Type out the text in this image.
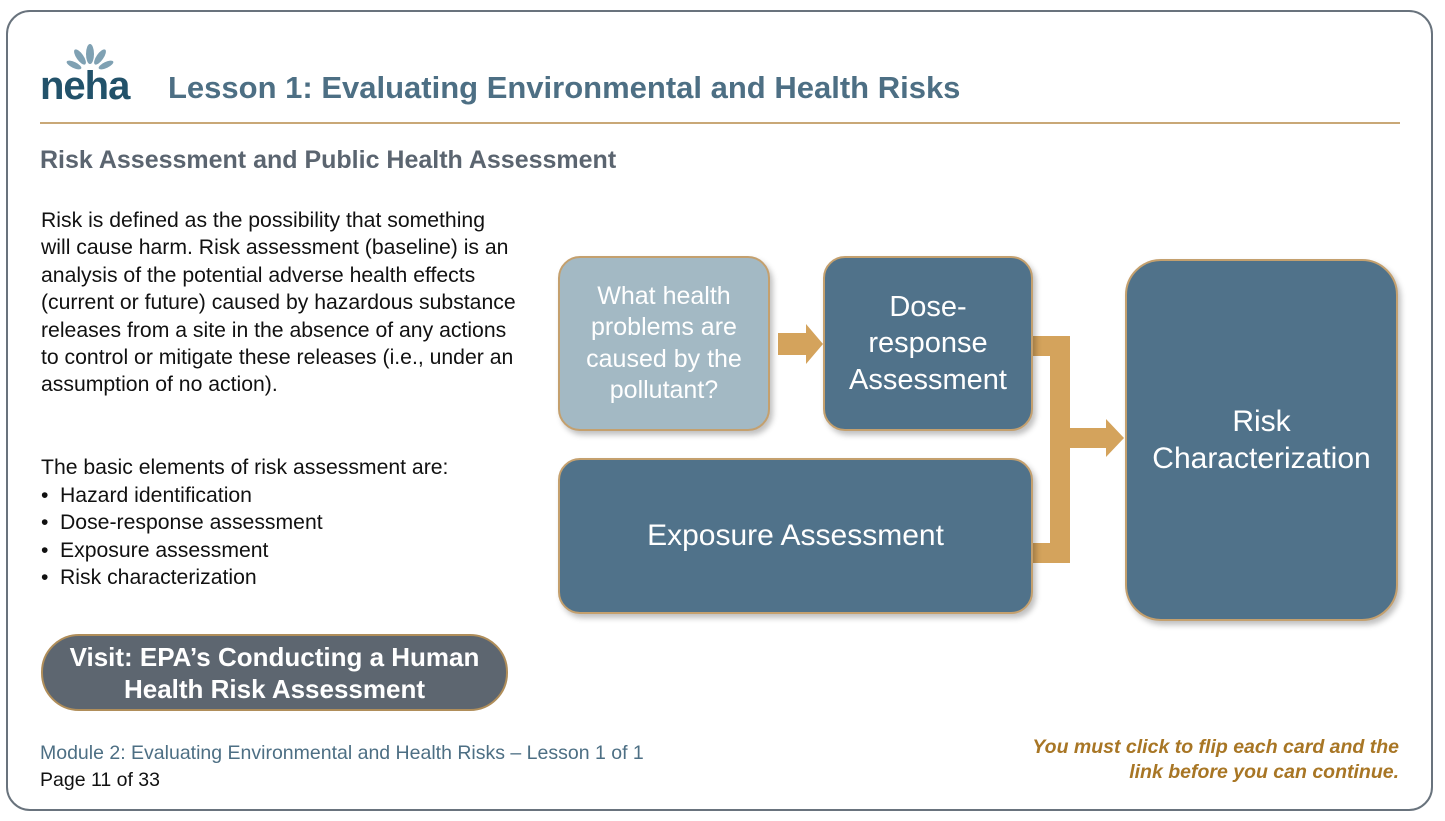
neha Lesson 1: Evaluating Environmental and Health Risks
Risk Assessment and Public Health Assessment
Risk is defined as the possibility that something will cause harm. Risk assessment (baseline) is an analysis of the potential adverse health effects (current or future) caused by hazardous substance releases from a site in the absence of any actions to control or mitigate these releases (i.e., under an assumption of no action).
The basic elements of risk assessment are:
• Hazard identification
• Dose-response assessment
• Exposure assessment
• Risk characterization
Visit: EPA’s Conducting a Human
Health Risk Assessment
What health
problems are
caused by the
pollutant?
Dose-
response
Assessment
Exposure Assessment
Risk
Characterization
Module 2: Evaluating Environmental and Health Risks – Lesson 1 of 1
Page 11 of 33
You must click to flip each card and the
link before you can continue.
